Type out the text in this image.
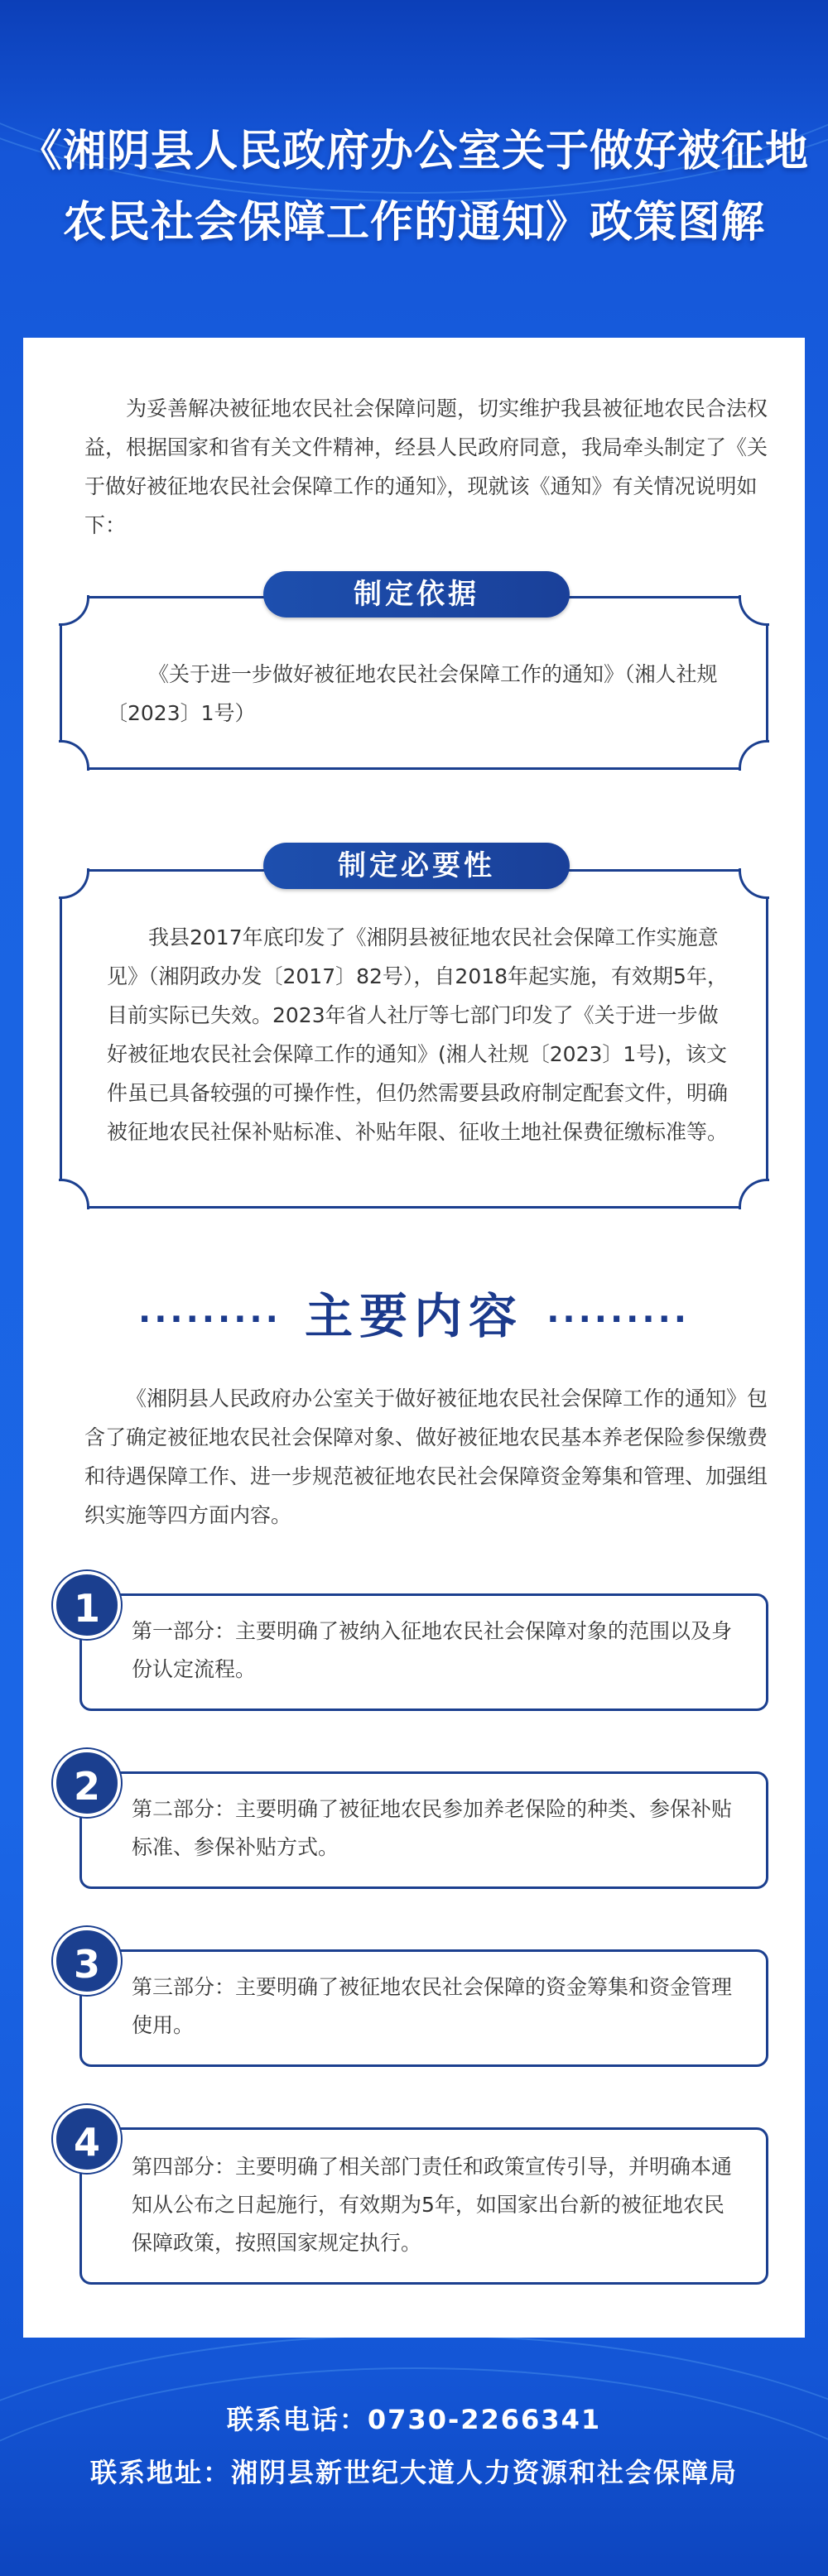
《湘阴县人民政府办公室关于做好被征地
农民社会保障工作的通知》政策图解

为妥善解决被征地农民社会保障问题，切实维护我县被征地农民合法权益，根据国家和省有关文件精神，经县人民政府同意，我局牵头制定了《关于做好被征地农民社会保障工作的通知》，现就该《通知》有关情况说明如下：

《关于进一步做好被征地农民社会保障工作的通知》（湘人社规〔2023〕1号）

制定依据

我县2017年底印发了《湘阴县被征地农民社会保障工作实施意见》（湘阴政办发〔2017〕82号），自2018年起实施，有效期5年，目前实际已失效。2023年省人社厅等七部门印发了《关于进一步做好被征地农民社会保障工作的通知》(湘人社规〔2023〕1号)，该文件虽已具备较强的可操作性，但仍然需要县政府制定配套文件，明确被征地农民社保补贴标准、补贴年限、征收土地社保费征缴标准等。

制定必要性
········· 主要内容 ·········

《湘阴县人民政府办公室关于做好被征地农民社会保障工作的通知》包含了确定被征地农民社会保障对象、做好被征地农民基本养老保险参保缴费和待遇保障工作、进一步规范被征地农民社会保障资金筹集和管理、加强组织实施等四方面内容。

第一部分：主要明确了被纳入征地农民社会保障对象的范围以及身份认定流程。

1

第二部分：主要明确了被征地农民参加养老保险的种类、参保补贴标准、参保补贴方式。

2

第三部分：主要明确了被征地农民社会保障的资金筹集和资金管理使用。

3

第四部分：主要明确了相关部门责任和政策宣传引导，并明确本通知从公布之日起施行，有效期为5年，如国家出台新的被征地农民保障政策，按照国家规定执行。

4
联系电话：0730-2266341
联系地址：湘阴县新世纪大道人力资源和社会保障局
